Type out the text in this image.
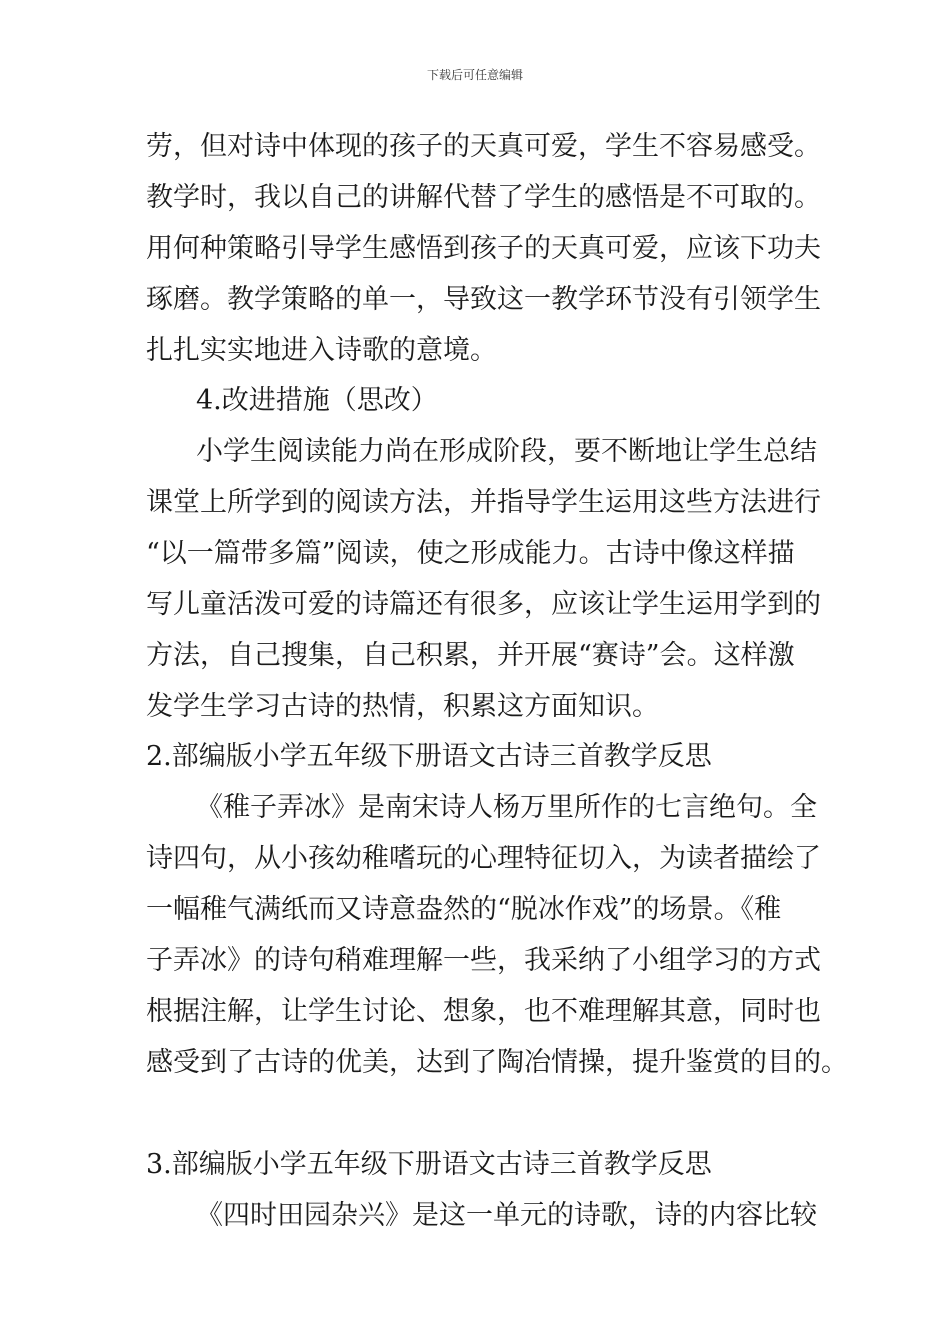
下载后可任意编辑
劳，但对诗中体现的孩子的天真可爱，学生不容易感受。
教学时，我以自己的讲解代替了学生的感悟是不可取的。
用何种策略引导学生感悟到孩子的天真可爱，应该下功夫
琢磨。教学策略的单一，导致这一教学环节没有引领学生
扎扎实实地进入诗歌的意境。
4.改进措施（思改）
小学生阅读能力尚在形成阶段，要不断地让学生总结
课堂上所学到的阅读方法，并指导学生运用这些方法进行
“以一篇带多篇”阅读，使之形成能力。古诗中像这样描
写儿童活泼可爱的诗篇还有很多，应该让学生运用学到的
方法，自己搜集，自己积累，并开展“赛诗”会。这样激
发学生学习古诗的热情，积累这方面知识。
2.部编版小学五年级下册语文古诗三首教学反思
《稚子弄冰》是南宋诗人杨万里所作的七言绝句。全
诗四句，从小孩幼稚嗜玩的心理特征切入，为读者描绘了
一幅稚气满纸而又诗意盎然的“脱冰作戏”的场景。《稚
子弄冰》的诗句稍难理解一些，我采纳了小组学习的方式
根据注解，让学生讨论、想象，也不难理解其意，同时也
感受到了古诗的优美，达到了陶冶情操，提升鉴赏的目的。
3.部编版小学五年级下册语文古诗三首教学反思
《四时田园杂兴》是这一单元的诗歌，诗的内容比较
